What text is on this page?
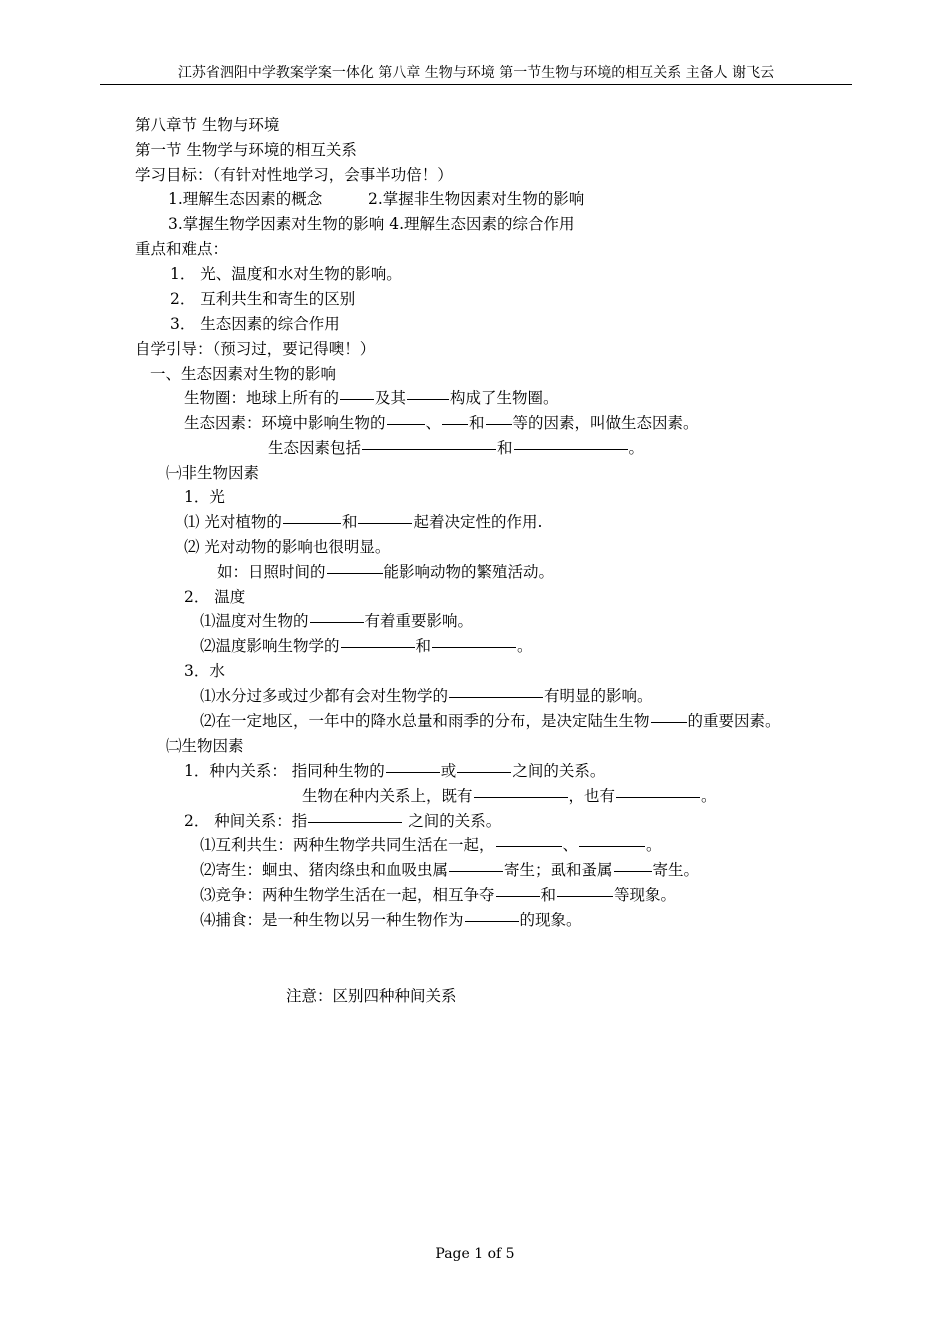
江苏省泗阳中学教案学案一体化 第八章 生物与环境 第一节生物与环境的相互关系 主备人 谢飞云
第八章节 生物与环境
第一节 生物学与环境的相互关系
学习目标：（有针对性地学习，会事半功倍！）
1.理解生态因素的概念	2.掌握非生物因素对生物的影响
3.掌握生物学因素对生物的影响 4.理解生态因素的综合作用
重点和难点：
1． 光、温度和水对生物的影响。
2． 互利共生和寄生的区别
3． 生态因素的综合作用
自学引导：（预习过，要记得噢！）
一、生态因素对生物的影响
生物圈：地球上所有的 及其	构成了生物圈。
生态因素：环境中影响生物的	、 和 等的因素，叫做生态因素。
生态因素包括	和	。
㈠非生物因素
1．光
⑴ 光对植物的	和	起着决定性的作用.
⑵ 光对动物的影响也很明显。
如：日照时间的	能影响动物的繁殖活动。
2． 温度
⑴温度对生物的	有着重要影响。
⑵温度影响生物学的	和	。
3．水
⑴水分过多或过少都有会对生物学的	有明显的影响。
⑵在一定地区，一年中的降水总量和雨季的分布，是决定陆生生物 的重要因素。
㈡生物因素
1．种内关系： 指同种生物的	或	之间的关系。
生物在种内关系上，既有	，也有	。
2． 种间关系：指	之间的关系。
⑴互利共生：两种生物学共同生活在一起，	、	。
⑵寄生：蛔虫、猪肉绦虫和血吸虫属	寄生；虱和蚤属	寄生。
⑶竞争：两种生物学生活在一起，相互争夺	和	等现象。
⑷捕食：是一种生物以另一种生物作为	的现象。
注意：区别四种种间关系
Page 1 of 5
